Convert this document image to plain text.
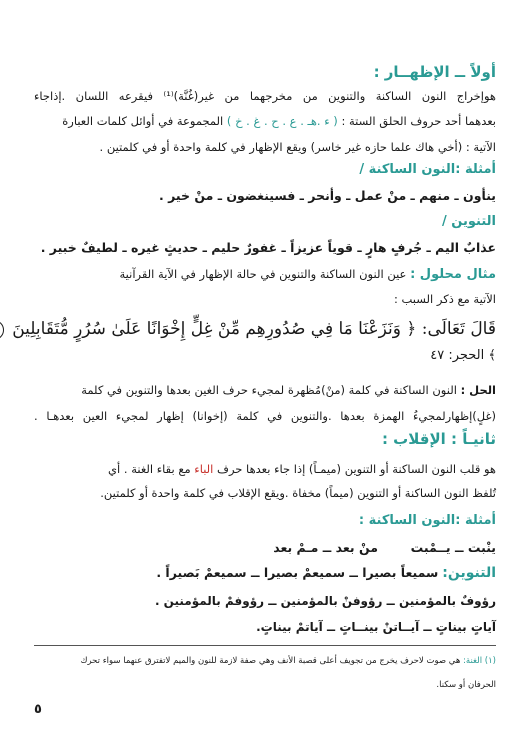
أولاً ــ الإظهــار :
هوإخراج النون الساكنة والتنوين من مخرجهما من غير(غُنَّة)⁽¹⁾ فيقرعه اللسان .إذاجاء
بعدهما أحد حروف الحلق الستة : ( ء .هـ . ع . ح . غ . خ ) المجموعة في أوائل كلمات العبارة
الآتية : (أخي هاك علما حازه غير خاسر) ويقع الإظهار في كلمة واحدة أو في كلمتين .
أمثلة :النون الساكنة /
ينأون ـ منهم ـ منْ عمل ـ وأنحر ـ فسينغضون ـ منْ خير .
التنوين /
عذابٌ اليم ـ جُرفٍ هارٍ ـ قوياً عزيزاً ـ غفورٌ حليم ـ حديثٍ غيره ـ لطيفٌ خبير .
مثال محلول : عين النون الساكنة والتنوين في حالة الإظهار في الآية القرآنية
الآتية مع ذكر السبب :
قَالَ تَعَالَى: ﴿ وَنَزَعْنَا مَا فِي صُدُورِهِم مِّنْ غِلٍّ إِخْوَانًا عَلَىٰ سُرُرٍ مُّتَقَابِلِينَ
﴾ الحجر: ٤٧
الحل : النون الساكنة في كلمة (منْ)مُظهرة لمجيء حرف الغين بعدها والتنوين في كلمة
(غلٍ)إظهارلمجيءُ الهمزة بعدها .والتنوين في كلمة (إخوانا) إظهار لمجيء العين بعدهـا .
ثانيـاً : الإقلاب :
هو قلب النون الساكنة أو التنوين (ميمـاً) إذا جاء بعدها حرف الباء مع بقاء الغنة . أي
تُلفظ النون الساكنة أو التنوين (ميماً) مخفاة .ويقع الإقلاب في كلمة واحدة أو كلمتين.
أمثلة :النون الساكنة :
ينْبت ــ يــمْبت  منْ بعد ــ مـمْ بعد
التنوين: سميعاً بصيرا ــ سميعمْ بصيرا ــ سميعمْ بَصيراً .
رؤوفٌ بالمؤمنين ــ رؤوفنْ بالمؤمنين ــ رؤوفمْ بالمؤمنين .
آياتٍ بيناتٍ ــ آيــاتنْ بينــاتٍ ــ آياتمْ بيناتٍ.
(١) الغنة: هي صوت لاحرف يخرج من تجويف أعلى قصبة الأنف وهي صفة لازمة للنون والميم لاتفترق عنهما سواء تحرك
الحرفان أو سكنا.
٥
